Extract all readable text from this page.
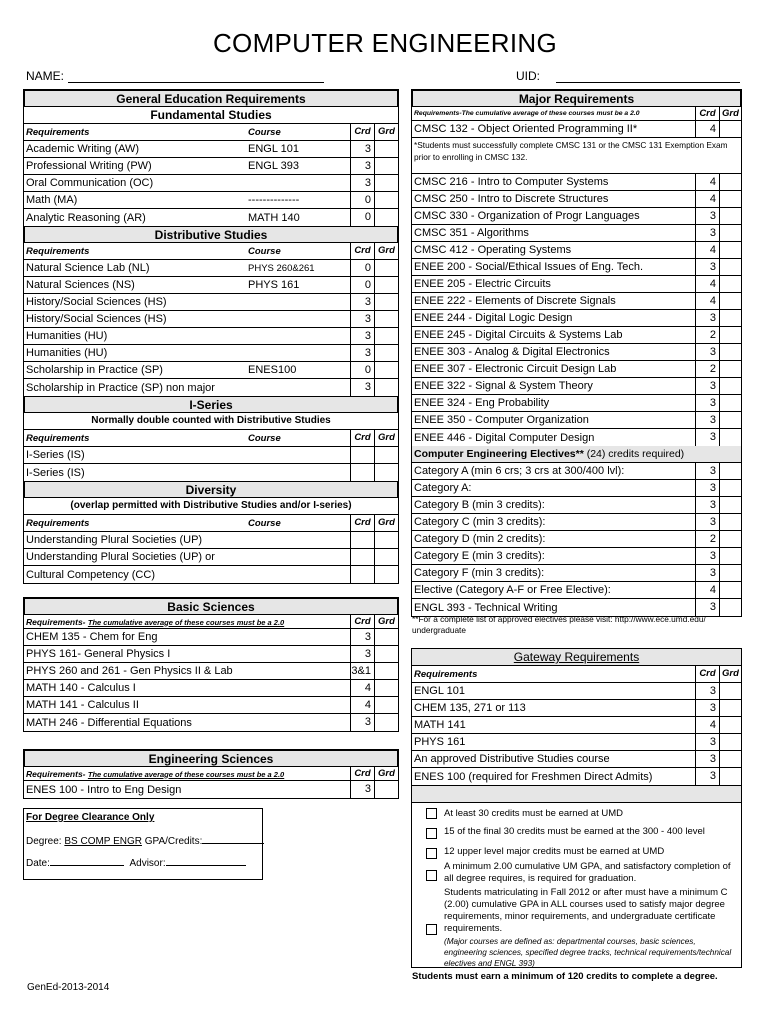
COMPUTER ENGINEERING
NAME:	UID:
General Education Requirements
Fundamental Studies
Requirements	Course	Crd Grd
Academic Writing (AW)	ENGL 101	3
Professional Writing (PW)	ENGL 393	3
Oral Communication (OC)	3
Math (MA)	--------------	0
Analytic Reasoning (AR)	MATH 140	0
Distributive Studies
Requirements	Course	Crd Grd
Natural Science Lab (NL)	PHYS 260&261	0
Natural Sciences (NS)	PHYS 161	0
History/Social Sciences (HS)	3
History/Social Sciences (HS)	3
Humanities (HU)	3
Humanities (HU)	3
Scholarship in Practice (SP)	ENES100	0
Scholarship in Practice (SP) non major	3
I-Series
Normally double counted with Distributive Studies
Requirements	Course	Crd Grd
I-Series (IS)
I-Series (IS)
Diversity
(overlap permitted with Distributive Studies and/or I-series)
Requirements	Course	Crd Grd
Understanding Plural Societies (UP)
Understanding Plural Societies (UP) or
Cultural Competency (CC)
Basic Sciences
Requirements- The cumulative average of these courses must be a 2.0	Crd Grd
CHEM 135 - Chem for Eng	3
PHYS 161- General Physics I	3
PHYS 260 and 261 - Gen Physics II & Lab	3&1
MATH 140 - Calculus I	4
MATH 141 - Calculus II	4
MATH 246 - Differential Equations	3
Engineering Sciences
Requirements- The cumulative average of these courses must be a 2.0	Crd Grd
ENES 100 - Intro to Eng Design	3
For Degree Clearance Only
Degree: BS COMP ENGR GPA/Credits:
Date:	Advisor:
GenEd-2013-2014
Major Requirements
Requirements-The cumulative average of these courses must be a 2.0	Crd Grd
CMSC 132 - Object Oriented Programming II*	4
*Students must successfully complete CMSC 131 or the CMSC 131 Exemption Exam prior to enrolling in CMSC 132.
CMSC 216 - Intro to Computer Systems	4
CMSC 250 - Intro to Discrete Structures	4
CMSC 330 - Organization of Progr Languages	3
CMSC 351 - Algorithms	3
CMSC 412 - Operating Systems	4
ENEE 200 - Social/Ethical Issues of Eng. Tech.	3
ENEE 205 - Electric Circuits	4
ENEE 222 - Elements of Discrete Signals	4
ENEE 244 - Digital Logic Design	3
ENEE 245 - Digital Circuits & Systems Lab	2
ENEE 303 - Analog & Digital Electronics	3
ENEE 307 - Electronic Circuit Design Lab	2
ENEE 322 - Signal & System Theory	3
ENEE 324 - Eng Probability	3
ENEE 350 - Computer Organization	3
ENEE 446 - Digital Computer Design	3
Computer Engineering Electives** (24) credits required)
Category A (min 6 crs; 3 crs at 300/400 lvl):	3
Category A:	3
Category B (min 3 credits):	3
Category C (min 3 credits):	3
Category D (min 2 credits):	2
Category E (min 3 credits):	3
Category F (min 3 credits):	3
Elective (Category A-F or Free Elective):	4
ENGL 393 - Technical Writing	3
**For a complete list of approved electives please visit: http://www.ece.umd.edu/ undergraduate
Gateway Requirements
Requirements	Crd Grd
ENGL 101	3
CHEM 135, 271 or 113	3
MATH 141	4
PHYS 161	3
An approved Distributive Studies course	3
ENES 100 (required for Freshmen Direct Admits)	3
At least 30 credits must be earned at UMD
15 of the final 30 credits must be earned at the 300 - 400 level
12 upper level major credits must be earned at UMD
A minimum 2.00 cumulative UM GPA, and satisfactory completion of all degree requires, is required for graduation.
Students matriculating in Fall 2012 or after must have a minimum C (2.00) cumulative GPA in ALL courses used to satisfy major degree requirements, minor requirements, and undergraduate certificate requirements.
(Major courses are defined as: departmental courses, basic sciences, engineering sciences, specified degree tracks, technical requirements/technical electives and ENGL 393)
Students must earn a minimum of 120 credits to complete a degree.
